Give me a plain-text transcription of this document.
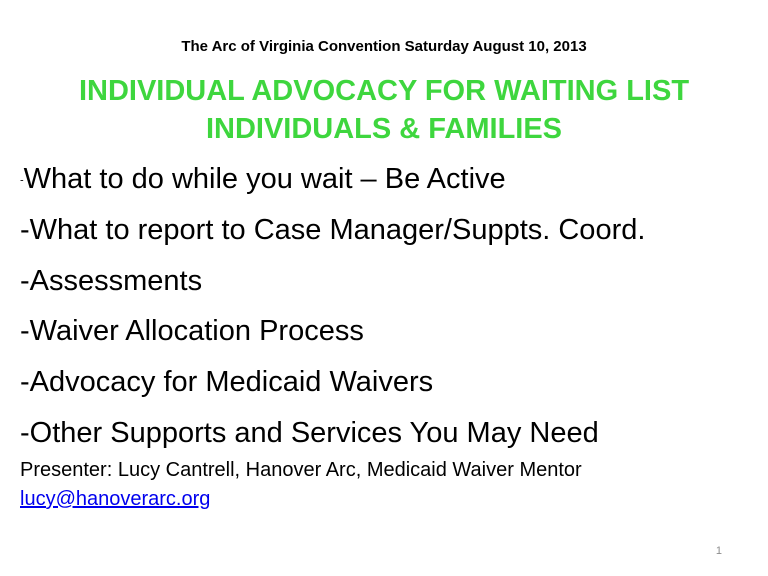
The Arc of Virginia Convention Saturday August 10, 2013
INDIVIDUAL ADVOCACY FOR WAITING LIST
INDIVIDUALS & FAMILIES
-What to do while you wait – Be Active
-What to report to Case Manager/Suppts. Coord.
-Assessments
-Waiver Allocation Process
-Advocacy for Medicaid Waivers
-Other Supports and Services You May Need
Presenter: Lucy Cantrell, Hanover Arc, Medicaid Waiver Mentor
lucy@hanoverarc.org
1
